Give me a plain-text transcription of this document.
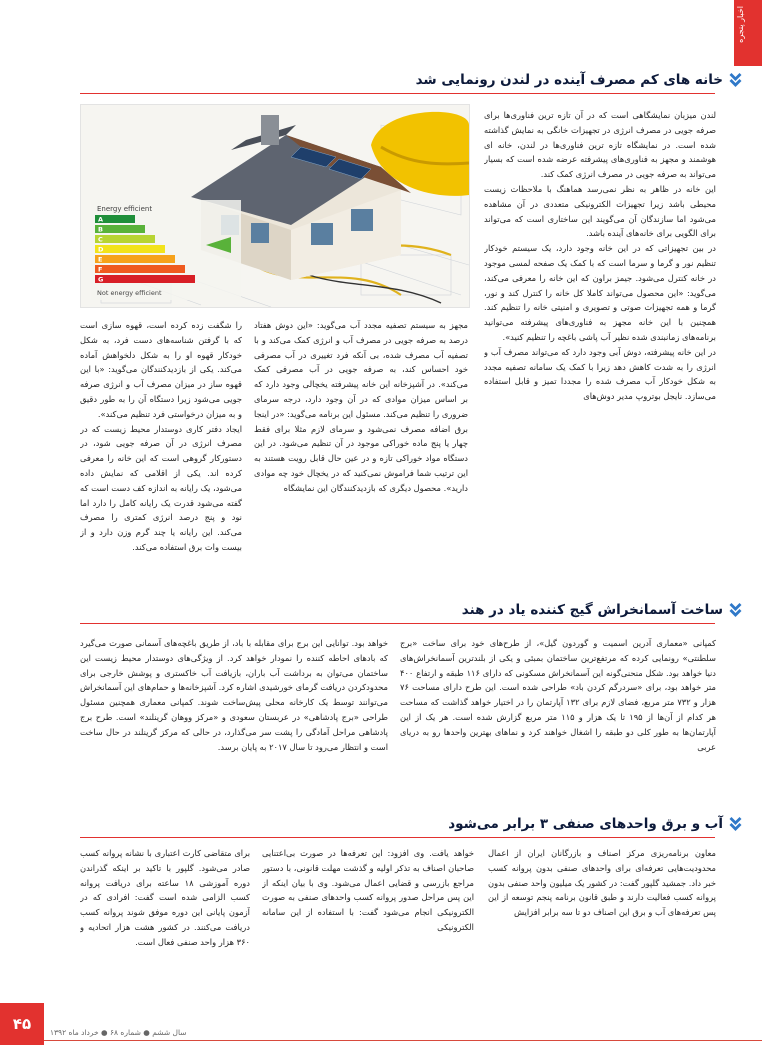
اخبار پنجره
خانه های کم مصرف آینده در لندن رونمایی شد

لندن میزبان نمایشگاهی است که در آن تازه ترین فناوری‌ها برای صرفه جویی در مصرف انرژی در تجهیزات خانگی به نمایش گذاشته شده است. در نمایشگاه تازه ترین فناوری‌ها در لندن، خانه ای هوشمند و مجهز به فناوری‌های پیشرفته عرضه شده است که بسیار می‌تواند به صرفه جویی در مصرف انرژی کمک کند.

این خانه در ظاهر به نظر نمی‌رسد هماهنگ با ملاحظات زیست محیطی باشد زیرا تجهیزات الکترونیکی متعددی در آن مشاهده می‌شود اما سازندگان آن می‌گویند این ساختاری است که می‌تواند برای الگویی برای خانه‌های آینده باشد.

در بین تجهیزاتی که در این خانه وجود دارد، یک سیستم خودکار تنظیم نور و گرما و سرما است که با کمک یک صفحه لمسی موجود در خانه کنترل می‌شود. جیمز براون که این خانه را معرفی می‌کند، می‌گوید: «این محصول می‌تواند کاملا کل خانه را کنترل کند و نور، گرما و همه تجهیزات صوتی و تصویری و امنیتی خانه را تنظیم کند. همچنین با این خانه مجهز به فناوری‌های پیشرفته می‌توانید برنامه‌های زمانبندی شده نظیر آب پاشی باغچه را تنظیم کنید».

در این خانه پیشرفته، دوش آبی وجود دارد که می‌تواند مصرف آب و انرژی را به شدت کاهش دهد زیرا با کمک یک سامانه تصفیه مجدد به شکل خودکار آب مصرف شده را مجددا تمیز و قابل استفاده می‌سازد. نایجل بوتروپ مدیر دوش‌های

Energy efficient
A
B
C
D
E
F
G
Not energy efficient

مجهز به سیستم تصفیه مجدد آب می‌گوید: «این دوش هفتاد درصد به صرفه جویی در مصرف آب و انرژی کمک می‌کند و با تصفیه آب مصرف شده، بی آنکه فرد تغییری در آب مصرفی خود احساس کند، به صرفه جویی در آب مصرفی کمک می‌کند». در آشپزخانه این خانه پیشرفته یخچالی وجود دارد که بر اساس میزان موادی که در آن وجود دارد، درجه سرمای ضروری را تنظیم می‌کند. مسئول این برنامه می‌گوید: «در اینجا برق اضافه مصرف نمی‌شود و سرمای لازم مثلا برای فقط چهار یا پنج ماده خوراکی موجود در آن تنظیم می‌شود. در این دستگاه مواد خوراکی تازه و در عین حال قابل رویت هستند به این ترتیب شما فراموش نمی‌کنید که در یخچال خود چه موادی دارید». محصول دیگری که بازدیدکنندگان این نمایشگاه

را شگفت زده کرده است، قهوه سازی است که با گرفتن شناسه‌های دست فرد، به شکل خودکار قهوه او را به شکل دلخواهش آماده می‌کند. یکی از بازدیدکنندگان می‌گوید: «با این قهوه ساز در میزان مصرف آب و انرژی صرفه جویی می‌شود زیرا دستگاه آن را به طور دقیق و به میزان درخواستی فرد تنظیم می‌کند».

ایجاد دفتر کاری دوستدار محیط زیست که در مصرف انرژی در آن صرفه جویی شود، در دستورکار گروهی است که این خانه را معرفی کرده اند. یکی از اقلامی که نمایش داده می‌شود، یک رایانه به اندازه کف دست است که گفته می‌شود قدرت یک رایانه کامل را دارد اما نود و پنج درصد انرژی کمتری را مصرف می‌کند. این رایانه یا چند گرم وزن دارد و از بیست وات برق استفاده می‌کند.

ساخت آسمانخراش گیج کننده یاد در هند

کمپانی «معماری آدرین اسمیت و گوردون گیل»، از طرح‌های خود برای ساخت «برج سلطنتی» رونمایی کرده که مرتفع‌ترین ساختمان بمبئی و یکی از بلندترین آسمانخراش‌های دنیا خواهد بود. شکل منحنی‌گونه این آسمانخراش مسکونی که دارای ۱۱۶ طبقه و ارتفاع ۴۰۰ متر خواهد بود، برای «سردرگم کردن باد» طراحی شده است. این طرح دارای مساحت ۷۶ هزار و ۷۳۲ متر مربع، فضای لازم برای ۱۳۲ آپارتمان را در اختیار خواهد گذاشت که مساحت هر کدام از آن‌ها از ۱۹۵ تا یک هزار و ۱۱۵ متر مربع گزارش شده است. هر یک از این آپارتمان‌ها به طور کلی دو طبقه را اشغال خواهند کرد و نماهای بهترین واحدها رو به دریای عربی

خواهد بود. توانایی این برج برای مقابله با باد، از طریق باغچه‌های آسمانی صورت می‌گیرد که بادهای احاطه کننده را نمودار خواهد کرد. از ویژگی‌های دوستدار محیط زیست این ساختمان می‌توان به برداشت آب باران، بازیافت آب خاکستری و پوشش خارجی برای محدودکردن دریافت گرمای خورشیدی اشاره کرد. آشپزخانه‌ها و حمام‌های این آسمانخراش می‌توانند توسط یک کارخانه محلی پیش‌ساخت شوند. کمپانی معماری همچنین مسئول طراحی «برج پادشاهی» در عربستان سعودی و «مرکز ووهان گرینلند» است. طرح برج پادشاهی مراحل آمادگی را پشت سر می‌گذارد، در حالی که مرکز گرینلند در حال ساخت است و انتظار می‌رود تا سال ۲۰۱۷ به پایان برسد.

آب و برق واحدهای صنفی ۳ برابر می‌شود

معاون برنامه‌ریزی مرکز اصناف و بازرگانان ایران از اعمال محدودیت‌هایی تعرفه‌ای برای واحدهای صنفی بدون پروانه کسب خبر داد. جمشید گلپور گفت: در کشور یک میلیون واحد صنفی بدون پروانه کسب فعالیت دارند و طبق قانون برنامه پنجم توسعه از این پس تعرفه‌های آب و برق این اصناف دو تا سه برابر افزایش

خواهد یافت. وی افزود: این تعرفه‌ها در صورت بی‌اعتنایی صاحبان اصناف به تذکر اولیه و گذشت مهلت قانونی، با دستور مراجع بازرسی و قضایی اعمال می‌شود. وی با بیان اینکه از این پس مراحل صدور پروانه کسب واحدهای صنفی به صورت الکترونیکی انجام می‌شود گفت: با استفاده از این سامانه الکترونیکی

برای متقاضی کارت اعتباری با نشانه پروانه کسب صادر می‌شود. گلپور با تاکید بر اینکه گذراندن دوره آموزشی ۱۸ ساعته برای دریافت پروانه کسب الزامی شده است گفت: افرادی که در آزمون پایانی این دوره موفق شوند پروانه کسب دریافت می‌کنند. در کشور هشت هزار اتحادیه و ۳۶۰ هزار واحد صنفی فعال است.

۴۵	سال ششم ● شماره ۶۸ ● خرداد ماه ۱۳۹۲
